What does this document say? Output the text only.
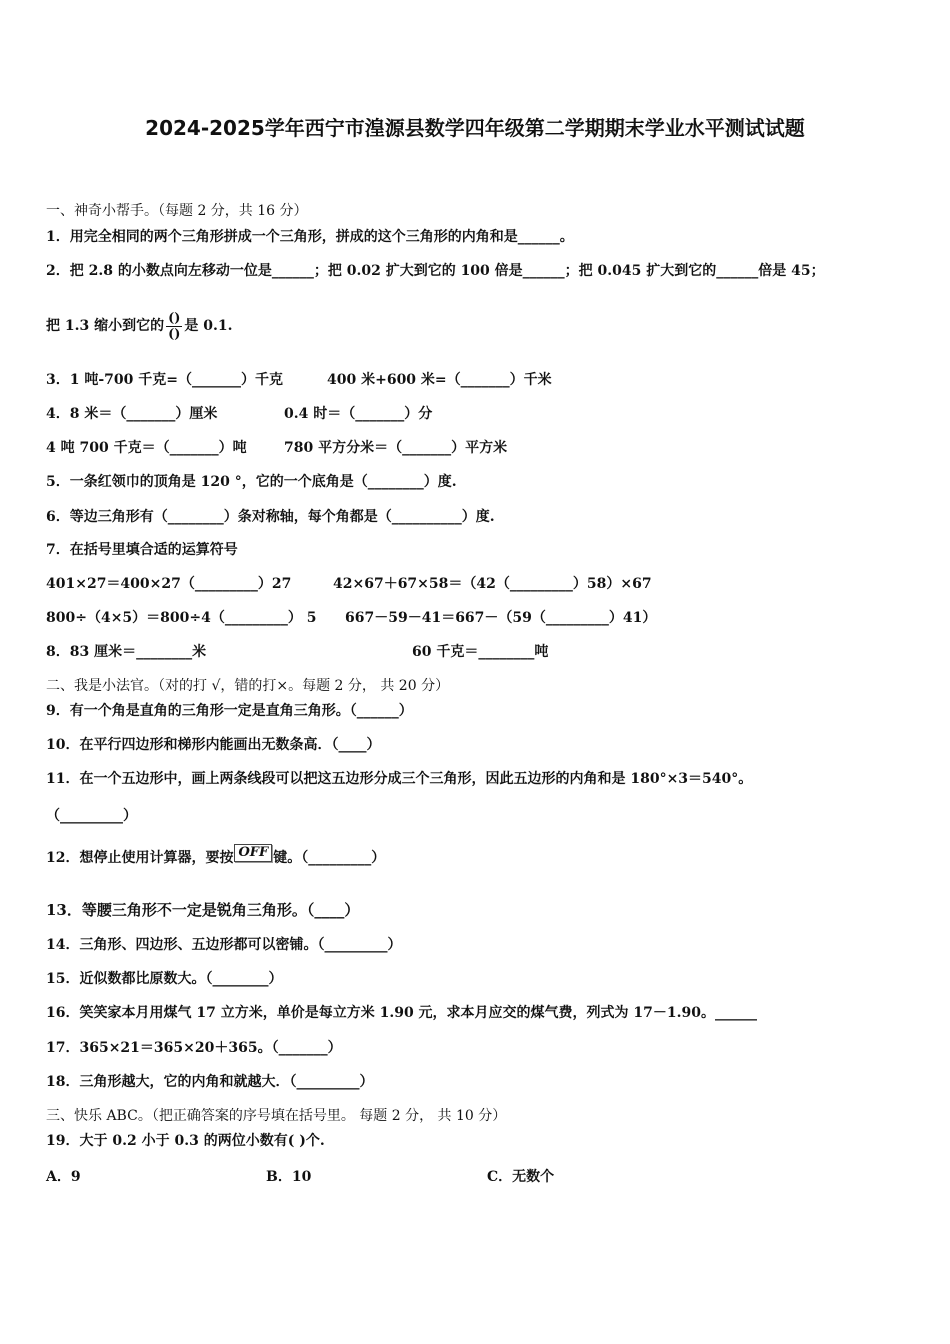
2024-2025学年西宁市湟源县数学四年级第二学期期末学业水平测试试题
一、神奇小帮手。（每题 2 分，共 16 分）
1．用完全相同的两个三角形拼成一个三角形，拼成的这个三角形的内角和是______。
2．把 2.8 的小数点向左移动一位是______；把 0.02 扩大到它的 100 倍是______；把 0.045 扩大到它的______倍是 45；
把 1.3 缩小到它的 $\frac{()}{()}$ 是 0.1.
3．1 吨-700 千克=（_______）千克	400 米+600 米=（_______）千米
4．8 米＝（_______）厘米	0.4 时＝（_______）分
4 吨 700 千克＝（_______）吨	780 平方分米＝（_______）平方米
5．一条红领巾的顶角是 120 °，它的一个底角是（________）度.
6．等边三角形有（________）条对称轴，每个角都是（__________）度.
7．在括号里填合适的运算符号
401×27＝400×27（_________）27	42×67＋67×58＝（42（_________）58）×67
800÷（4×5）＝800÷4（_________） 5 667－59－41＝667－（59（_________）41）
8．83 厘米＝________米	60 千克＝________吨
二、我是小法官。（对的打 √，错的打×。每题 2 分， 共 20 分）
9．有一个角是直角的三角形一定是直角三角形。（______）
10．在平行四边形和梯形内能画出无数条高．（____）
11．在一个五边形中，画上两条线段可以把这五边形分成三个三角形，因此五边形的内角和是 180°×3＝540°。
（_________）
12．想停止使用计算器，要按 OFF 键。（_________）
13．等腰三角形不一定是锐角三角形。（____）
14．三角形、四边形、五边形都可以密铺。（_________）
15．近似数都比原数大。（________）
16．笑笑家本月用煤气 17 立方米，单价是每立方米 1.90 元，求本月应交的煤气费，列式为 17－1.90。______
17．365×21＝365×20＋365。（_______）
18．三角形越大，它的内角和就越大．（_________）
三、快乐 ABC。（把正确答案的序号填在括号里。 每题 2 分， 共 10 分）
19．大于 0.2 小于 0.3 的两位小数有( )个.
A．9	B．10	C．无数个
